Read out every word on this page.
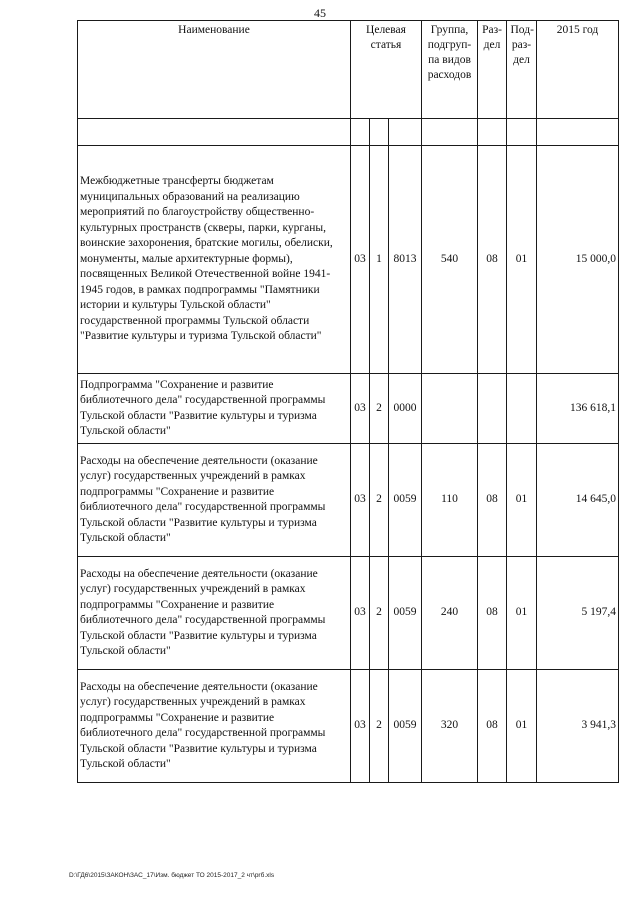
45
Наименование	Целевая статья			Группа, подгруп-па видов расходов	Раз-дел	Под-раз-дел	2015 год

Межбюджетные трансферты бюджетам муниципальных образований на реализацию мероприятий по благоустройству общественно-культурных пространств (скверы, парки, курганы, воинские захоронения, братские могилы, обелиски, монументы, малые архитектурные формы), посвященных Великой Отечественной войне 1941-1945 годов, в рамках подпрограммы "Памятники истории и культуры Тульской области" государственной программы Тульской области "Развитие культуры и туризма Тульской области"	03	1	8013	540	08	01	15 000,0
Подпрограмма "Сохранение и развитие библиотечного дела" государственной программы Тульской области "Развитие культуры и туризма Тульской области"	03	2	0000				136 618,1
Расходы на обеспечение деятельности (оказание услуг) государственных учреждений в рамках подпрограммы "Сохранение и развитие библиотечного дела" государственной программы Тульской области "Развитие культуры и туризма Тульской области"	03	2	0059	110	08	01	14 645,0
Расходы на обеспечение деятельности (оказание услуг) государственных учреждений в рамках подпрограммы "Сохранение и развитие библиотечного дела" государственной программы Тульской области "Развитие культуры и туризма Тульской области"	03	2	0059	240	08	01	5 197,4
Расходы на обеспечение деятельности (оказание услуг) государственных учреждений в рамках подпрограммы "Сохранение и развитие библиотечного дела" государственной программы Тульской области "Развитие культуры и туризма Тульской области"	03	2	0059	320	08	01	3 941,3
D:\ГД6\2015\ЗАКОН\ЗАС_17\Изм. бюджет ТО 2015-2017_2 чт\рrб.xls
